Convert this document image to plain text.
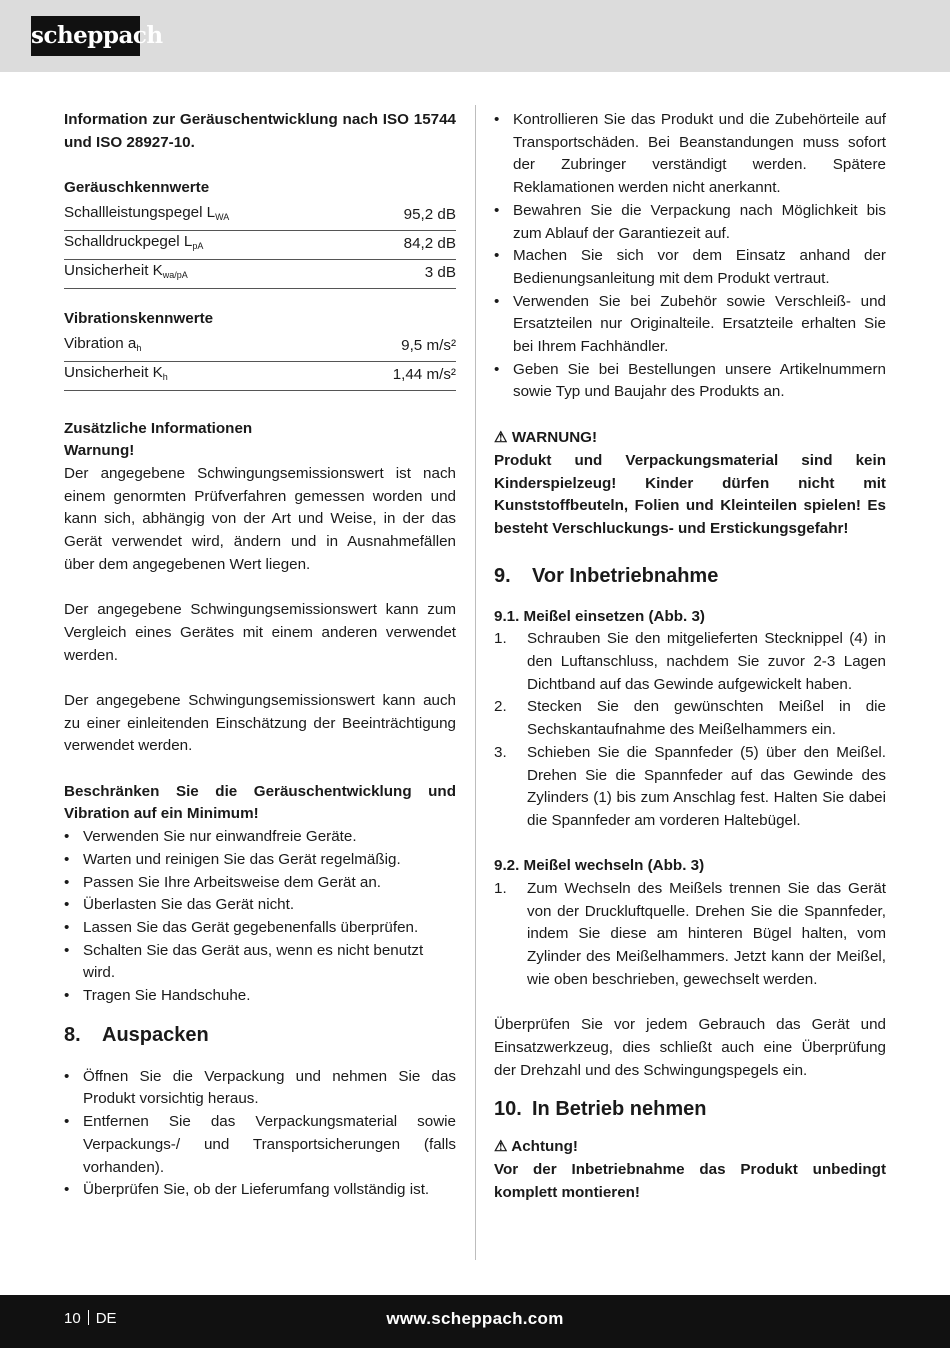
scheppach

Information zur Geräuschentwicklung nach ISO 15744 und ISO 28927-10.

Geräuschkennwerte

Schallleistungspegel $L_{WA}$	95,2 dB
Schalldruckpegel $L_{pA}$	84,2 dB
Unsicherheit $K_{wa/pA}$	3 dB

Vibrationskennwerte

Vibration $a_h$	9,5 m/s²
Unsicherheit $K_h$	1,44 m/s²

Zusätzliche Informationen

Warnung!

Der angegebene Schwingungsemissionswert ist nach einem genormten Prüfverfahren gemessen worden und kann sich, abhängig von der Art und Weise, in der das Gerät verwendet wird, ändern und in Ausnahmefällen über dem angegebenen Wert liegen.

Der angegebene Schwingungsemissionswert kann zum Vergleich eines Gerätes mit einem anderen verwendet werden.

Der angegebene Schwingungsemissionswert kann auch zu einer einleitenden Einschätzung der Beeinträchtigung verwendet werden.

Beschränken Sie die Geräuschentwicklung und Vibration auf ein Minimum!

• Verwenden Sie nur einwandfreie Geräte.
• Warten und reinigen Sie das Gerät regelmäßig.
• Passen Sie Ihre Arbeitsweise dem Gerät an.
• Überlasten Sie das Gerät nicht.
• Lassen Sie das Gerät gegebenenfalls überprüfen.
• Schalten Sie das Gerät aus, wenn es nicht benutzt wird.
• Tragen Sie Handschuhe.
8. Auspacken
• Öffnen Sie die Verpackung und nehmen Sie das Produkt vorsichtig heraus.
• Entfernen Sie das Verpackungsmaterial sowie Verpackungs-/ und Transportsicherungen (falls vorhanden).
• Überprüfen Sie, ob der Lieferumfang vollständig ist.
• Kontrollieren Sie das Produkt und die Zubehörteile auf Transportschäden. Bei Beanstandungen muss sofort der Zubringer verständigt werden. Spätere Reklamationen werden nicht anerkannt.
• Bewahren Sie die Verpackung nach Möglichkeit bis zum Ablauf der Garantiezeit auf.
• Machen Sie sich vor dem Einsatz anhand der Bedienungsanleitung mit dem Produkt vertraut.
• Verwenden Sie bei Zubehör sowie Verschleiß- und Ersatzteilen nur Originalteile. Ersatzteile erhalten Sie bei Ihrem Fachhändler.
• Geben Sie bei Bestellungen unsere Artikelnummern sowie Typ und Baujahr des Produkts an.

⚠ WARNUNG!

Produkt und Verpackungsmaterial sind kein Kinderspielzeug! Kinder dürfen nicht mit Kunststoffbeuteln, Folien und Kleinteilen spielen! Es besteht Verschluckungs- und Erstickungsgefahr!

9. Vor Inbetriebnahme

9.1. Meißel einsetzen (Abb. 3)

1. Schrauben Sie den mitgelieferten Stecknippel (4) in den Luftanschluss, nachdem Sie zuvor 2-3 Lagen Dichtband auf das Gewinde aufgewickelt haben.
2. Stecken Sie den gewünschten Meißel in die Sechskantaufnahme des Meißelhammers ein.
3. Schieben Sie die Spannfeder (5) über den Meißel. Drehen Sie die Spannfeder auf das Gewinde des Zylinders (1) bis zum Anschlag fest. Halten Sie dabei die Spannfeder am vorderen Haltebügel.

9.2. Meißel wechseln (Abb. 3)

1. Zum Wechseln des Meißels trennen Sie das Gerät von der Druckluftquelle. Drehen Sie die Spannfeder, indem Sie diese am hinteren Bügel halten, vom Zylinder des Meißelhammers. Jetzt kann der Meißel, wie oben beschrieben, gewechselt werden.

Überprüfen Sie vor jedem Gebrauch das Gerät und Einsatzwerkzeug, dies schließt auch eine Überprüfung der Drehzahl und des Schwingungspegels ein.

10. In Betrieb nehmen

⚠ Achtung!

Vor der Inbetriebnahme das Produkt unbedingt komplett montieren!

10 DE	www.scheppach.com
